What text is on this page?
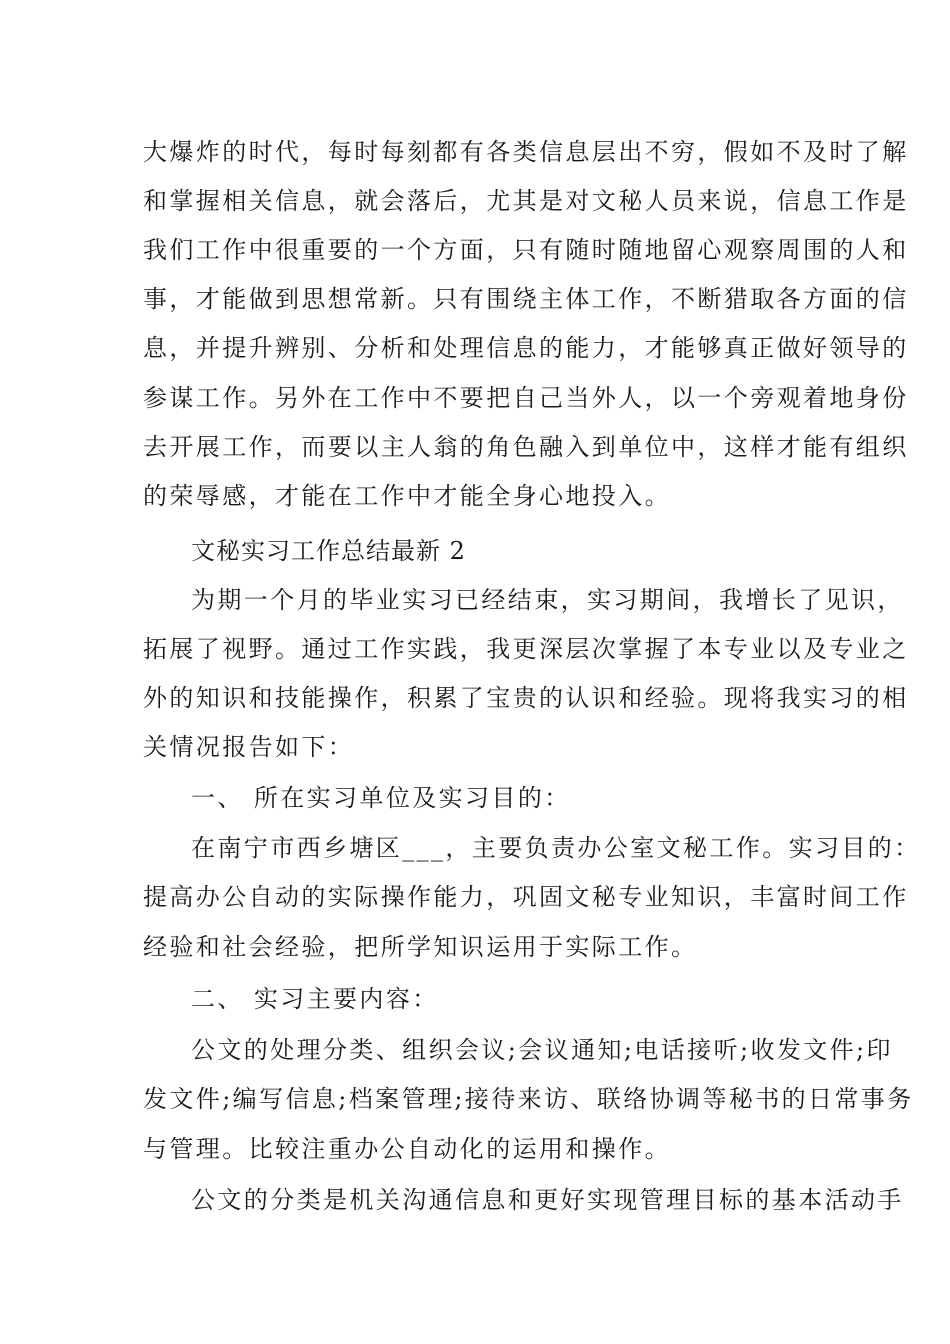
大爆炸的时代，每时每刻都有各类信息层出不穷，假如不及时了解
和掌握相关信息，就会落后，尤其是对文秘人员来说，信息工作是
我们工作中很重要的一个方面，只有随时随地留心观察周围的人和
事，才能做到思想常新。只有围绕主体工作，不断猎取各方面的信
息，并提升辨别、分析和处理信息的能力，才能够真正做好领导的
参谋工作。另外在工作中不要把自己当外人，以一个旁观着地身份
去开展工作，而要以主人翁的角色融入到单位中，这样才能有组织
的荣辱感，才能在工作中才能全身心地投入。
文秘实习工作总结最新 2
为期一个月的毕业实习已经结束，实习期间，我增长了见识，
拓展了视野。通过工作实践，我更深层次掌握了本专业以及专业之
外的知识和技能操作，积累了宝贵的认识和经验。现将我实习的相
关情况报告如下：
一、 所在实习单位及实习目的：
在南宁市西乡塘区___，主要负责办公室文秘工作。实习目的：
提高办公自动的实际操作能力，巩固文秘专业知识，丰富时间工作
经验和社会经验，把所学知识运用于实际工作。
二、 实习主要内容：
公文的处理分类、组织会议;会议通知;电话接听;收发文件;印
发文件;编写信息;档案管理;接待来访、联络协调等秘书的日常事务
与管理。比较注重办公自动化的运用和操作。
公文的分类是机关沟通信息和更好实现管理目标的基本活动手
